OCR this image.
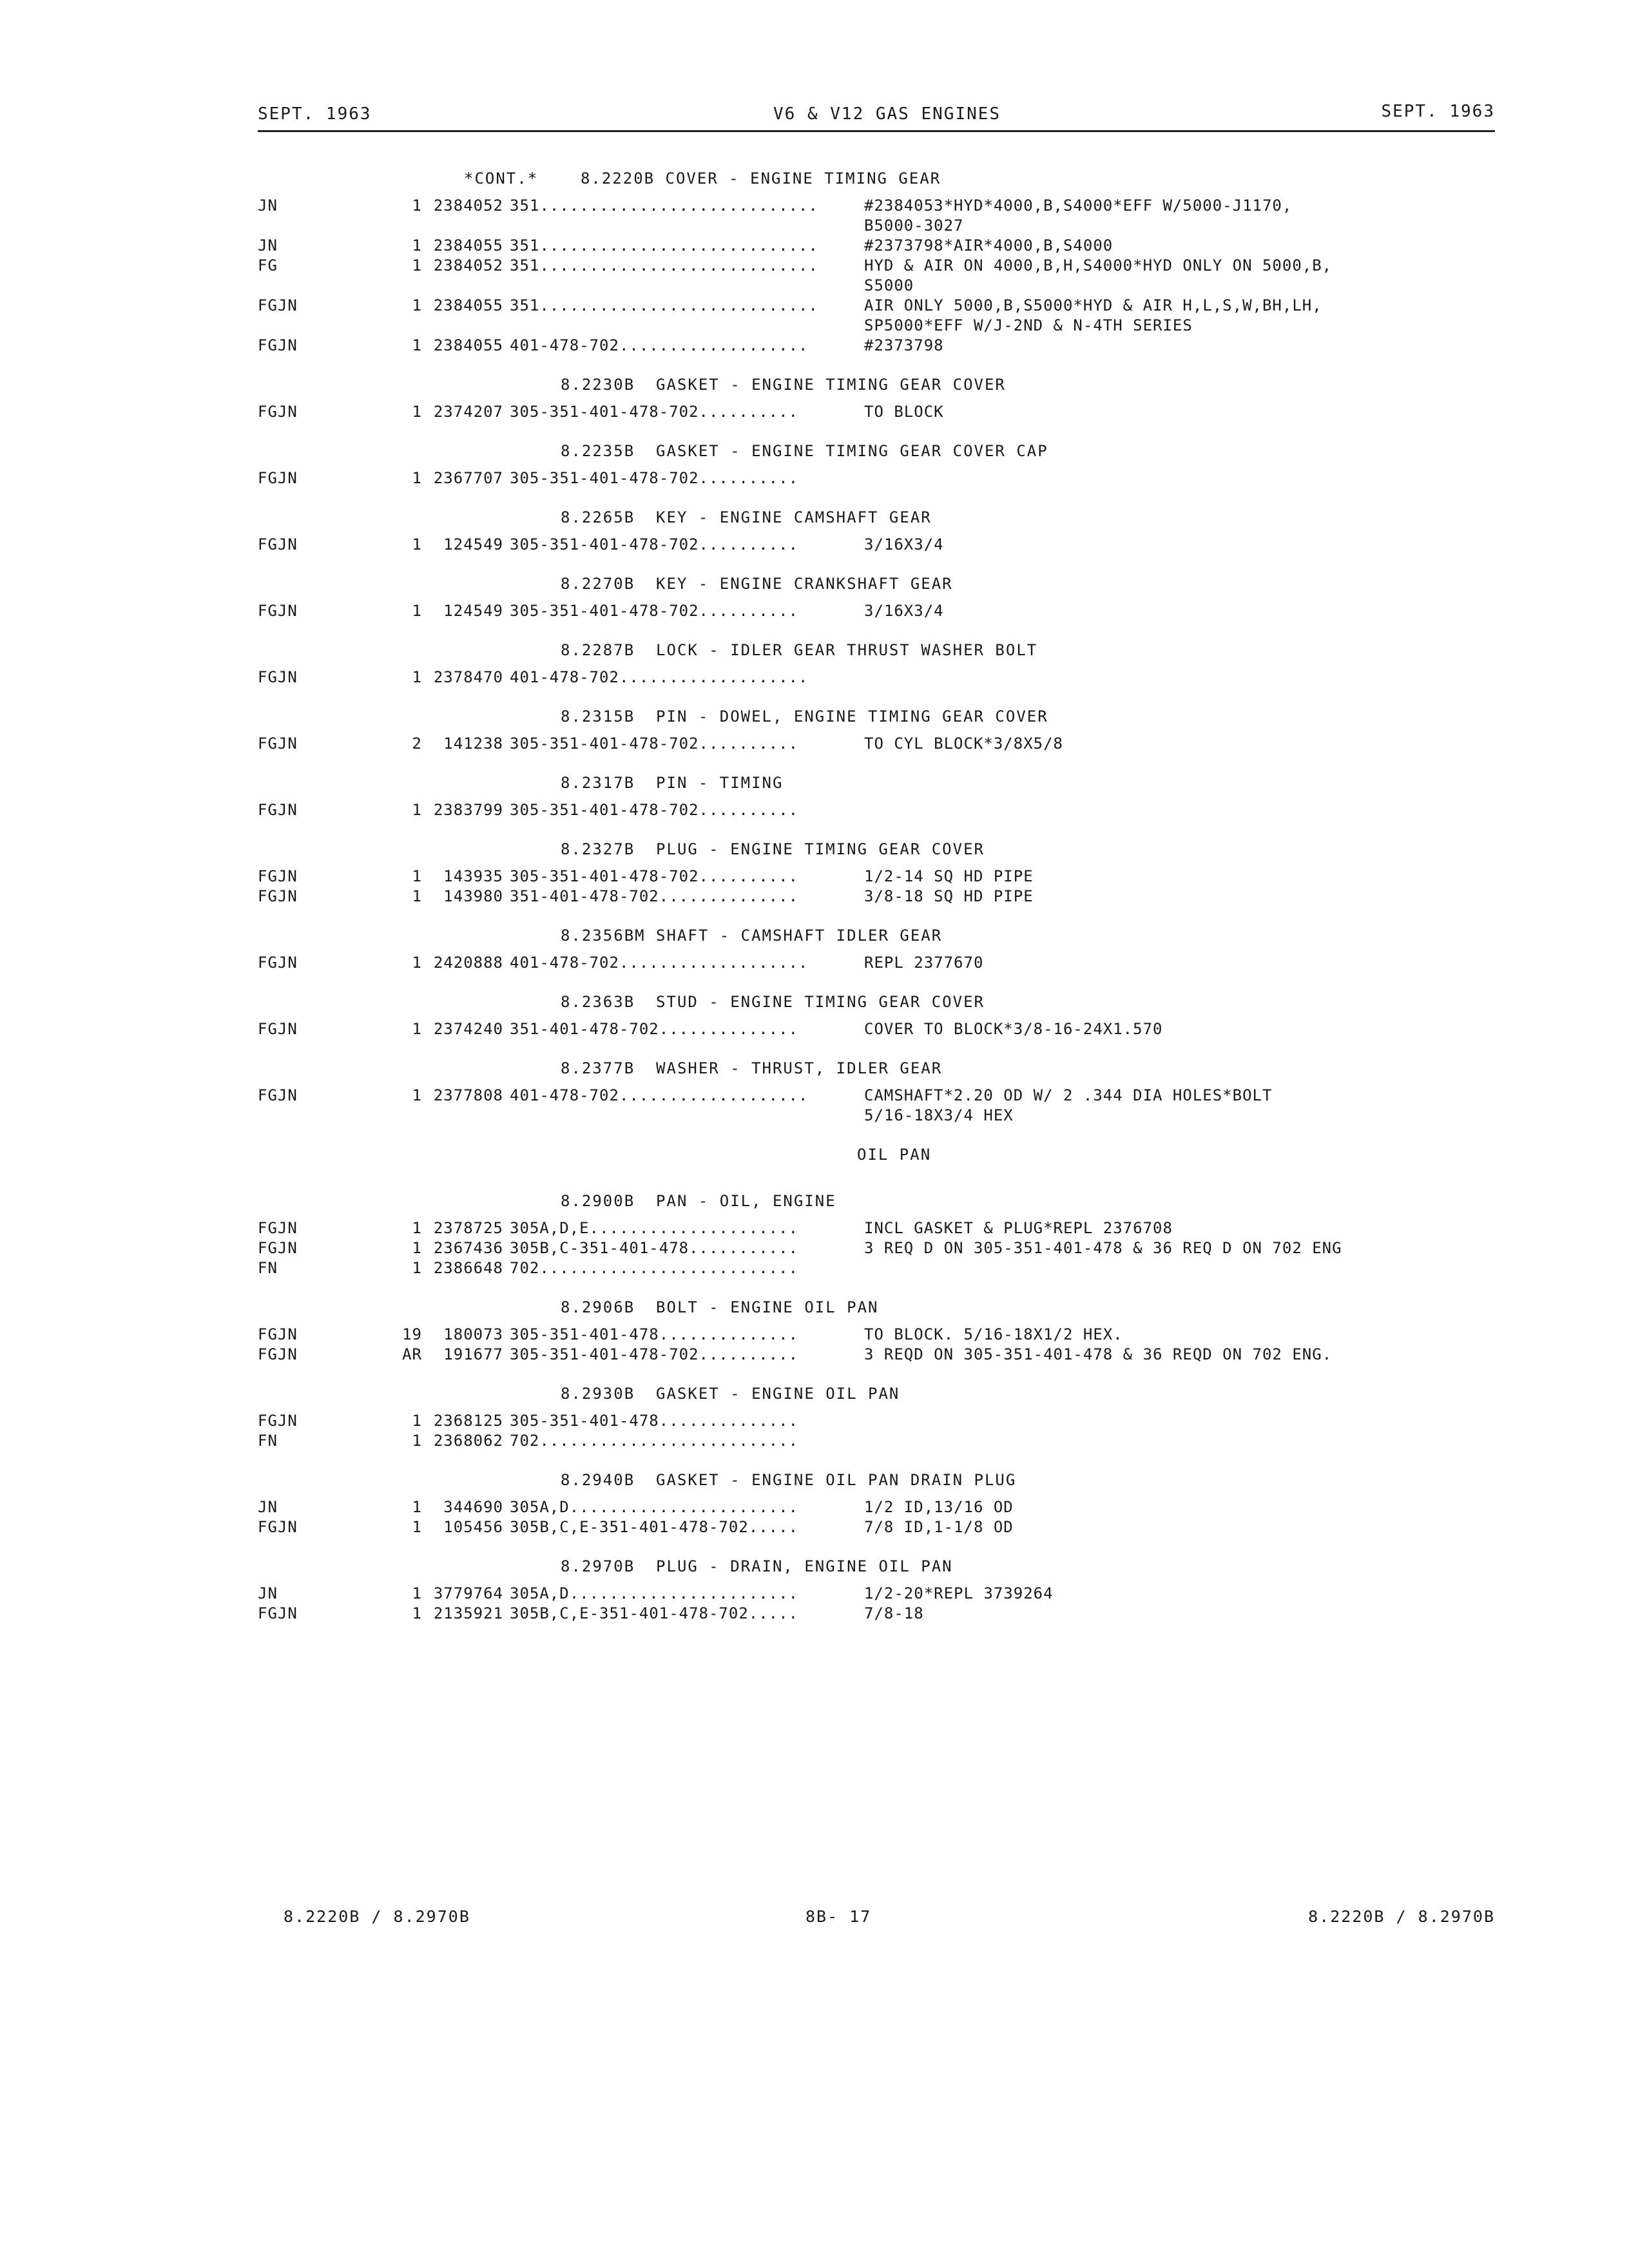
SEPT. 1963	V6 & V12 GAS ENGINES	SEPT. 1963
*CONT.*    8.2220B COVER - ENGINE TIMING GEAR
JN	1 2384052 351............................	#2384053*HYD*4000,B,S4000*EFF W/5000-J1170,
B5000-3027
JN	1 2384055 351............................	#2373798*AIR*4000,B,S4000
FG	1 2384052 351............................	HYD & AIR ON 4000,B,H,S4000*HYD ONLY ON 5000,B,
S5000
FGJN	1 2384055 351............................	AIR ONLY 5000,B,S5000*HYD & AIR H,L,S,W,BH,LH,
SP5000*EFF W/J-2ND & N-4TH SERIES
FGJN	1 2384055 401-478-702...................	#2373798
8.2230B  GASKET - ENGINE TIMING GEAR COVER
FGJN	1 2374207 305-351-401-478-702..........	TO BLOCK
8.2235B  GASKET - ENGINE TIMING GEAR COVER CAP
FGJN	1 2367707 305-351-401-478-702..........
8.2265B  KEY - ENGINE CAMSHAFT GEAR
FGJN	1	124549 305-351-401-478-702..........	3/16X3/4
8.2270B  KEY - ENGINE CRANKSHAFT GEAR
FGJN	1	124549 305-351-401-478-702..........	3/16X3/4
8.2287B  LOCK - IDLER GEAR THRUST WASHER BOLT
FGJN	1 2378470 401-478-702...................
8.2315B  PIN - DOWEL, ENGINE TIMING GEAR COVER
FGJN	2	141238 305-351-401-478-702..........	TO CYL BLOCK*3/8X5/8
8.2317B  PIN - TIMING
FGJN	1 2383799 305-351-401-478-702..........
8.2327B  PLUG - ENGINE TIMING GEAR COVER
FGJN	1	143935 305-351-401-478-702..........	1/2-14 SQ HD PIPE
FGJN	1	143980 351-401-478-702..............	3/8-18 SQ HD PIPE
8.2356BM SHAFT - CAMSHAFT IDLER GEAR
FGJN	1 2420888 401-478-702...................	REPL 2377670
8.2363B  STUD - ENGINE TIMING GEAR COVER
FGJN	1 2374240 351-401-478-702..............	COVER TO BLOCK*3/8-16-24X1.570
8.2377B  WASHER - THRUST, IDLER GEAR
FGJN	1 2377808 401-478-702...................	CAMSHAFT*2.20 OD W/ 2 .344 DIA HOLES*BOLT
5/16-18X3/4 HEX
OIL PAN
8.2900B  PAN - OIL, ENGINE
FGJN	1 2378725 305A,D,E.....................	INCL GASKET & PLUG*REPL 2376708
FGJN	1 2367436 305B,C-351-401-478...........	3 REQ D ON 305-351-401-478 & 36 REQ D ON 702 ENG
FN	1 2386648 702..........................
8.2906B  BOLT - ENGINE OIL PAN
FGJN	19	180073 305-351-401-478..............	TO BLOCK. 5/16-18X1/2 HEX.
FGJN	AR	191677 305-351-401-478-702..........	3 REQD ON 305-351-401-478 & 36 REQD ON 702 ENG.
8.2930B  GASKET - ENGINE OIL PAN
FGJN	1 2368125 305-351-401-478..............
FN	1 2368062 702..........................
8.2940B  GASKET - ENGINE OIL PAN DRAIN PLUG
JN	1	344690 305A,D.......................	1/2 ID,13/16 OD
FGJN	1	105456 305B,C,E-351-401-478-702.....	7/8 ID,1-1/8 OD
8.2970B  PLUG - DRAIN, ENGINE OIL PAN
JN	1 3779764 305A,D.......................	1/2-20*REPL 3739264
FGJN	1 2135921 305B,C,E-351-401-478-702.....	7/8-18
8.2220B / 8.2970B	8B- 17	8.2220B / 8.2970B
